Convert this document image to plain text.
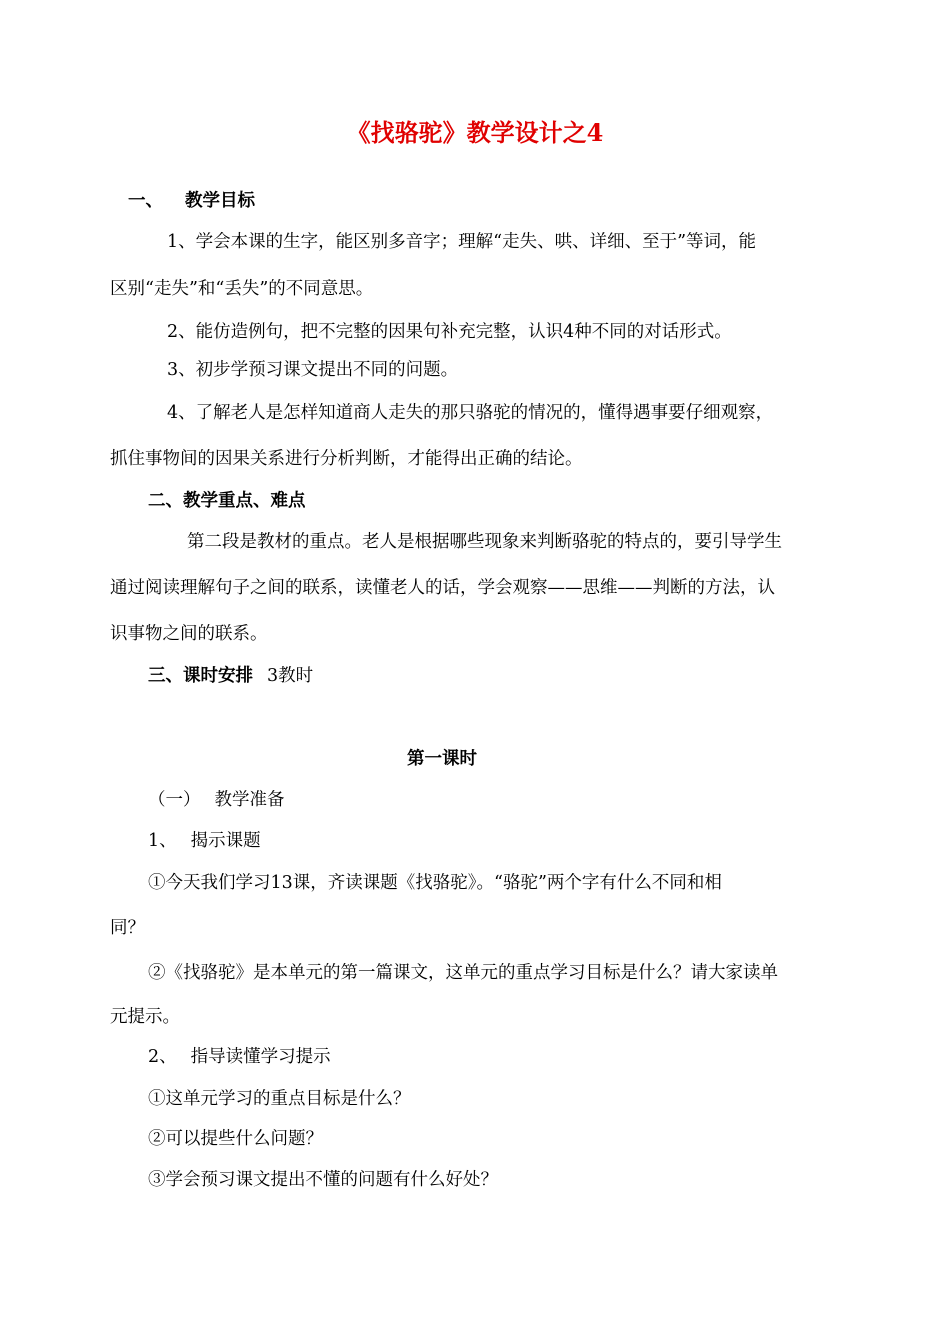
《找骆驼》教学设计之4
一、 教学目标
1、学会本课的生字，能区别多音字；理解“走失、哄、详细、至于”等词，能
区别“走失”和“丢失”的不同意思。
2、能仿造例句，把不完整的因果句补充完整，认识4种不同的对话形式。
3、初步学预习课文提出不同的问题。
4、了解老人是怎样知道商人走失的那只骆驼的情况的，懂得遇事要仔细观察，
抓住事物间的因果关系进行分析判断，才能得出正确的结论。
二、教学重点、难点
第二段是教材的重点。老人是根据哪些现象来判断骆驼的特点的，要引导学生
通过阅读理解句子之间的联系，读懂老人的话，学会观察——思维——判断的方法，认
识事物之间的联系。
三、课时安排 3教时
第一课时
（一） 教学准备
1、 揭示课题
①今天我们学习13课，齐读课题《找骆驼》。“骆驼”两个字有什么不同和相
同？
②《找骆驼》是本单元的第一篇课文，这单元的重点学习目标是什么？请大家读单
元提示。
2、 指导读懂学习提示
①这单元学习的重点目标是什么？
②可以提些什么问题？
③学会预习课文提出不懂的问题有什么好处？
